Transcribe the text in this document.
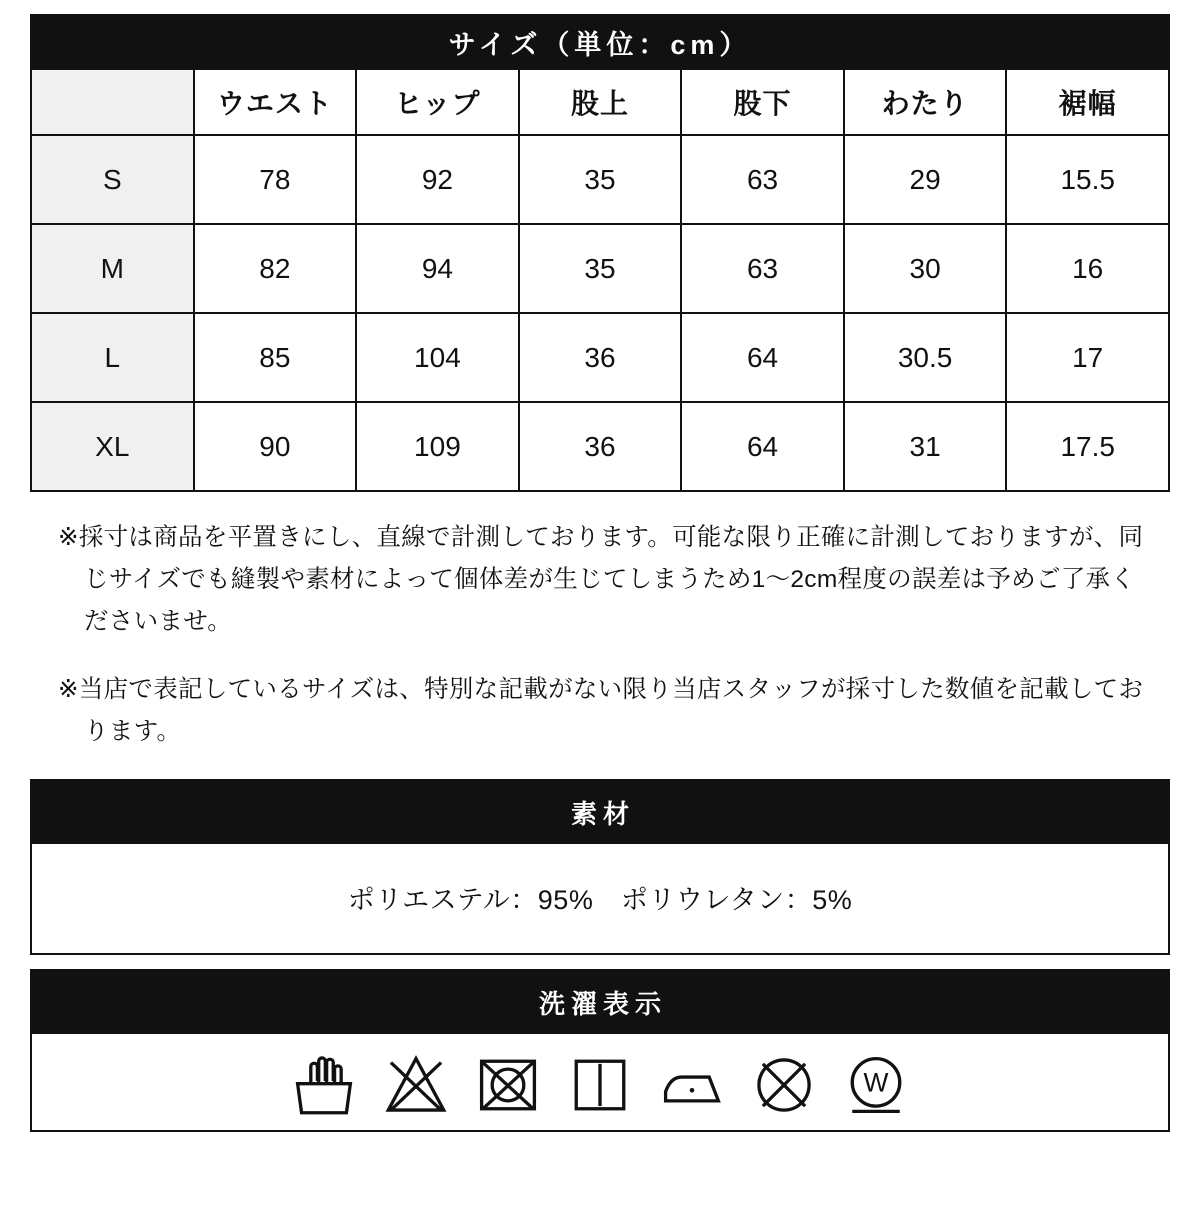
サイズ（単位：cm）						
	ウエスト	ヒップ	股上	股下	わたり	裾幅
S	78	92	35	63	29	15.5
M	82	94	35	63	30	16
L	85	104	36	64	30.5	17
XL	90	109	36	64	31	17.5

※採寸は商品を平置きにし、直線で計測しております。可能な限り正確に計測しておりますが、同じサイズでも縫製や素材によって個体差が生じてしまうため1〜2cm程度の誤差は予めご了承くださいませ。

※当店で表記しているサイズは、特別な記載がない限り当店スタッフが採寸した数値を記載しております。

素材
ポリエステル：95%　ポリウレタン：5%
洗濯表示
W
